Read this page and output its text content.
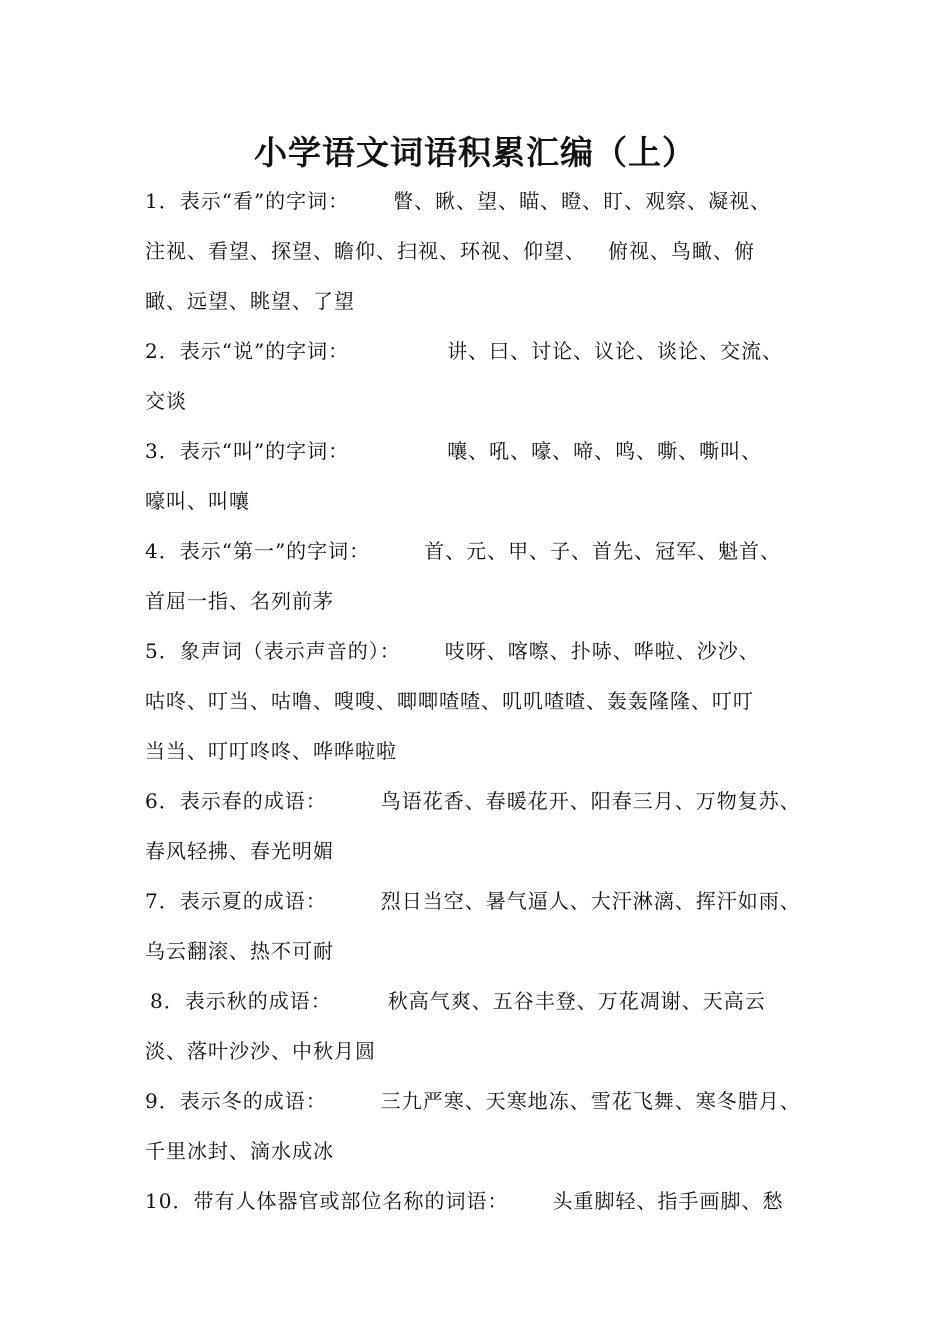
小学语文词语积累汇编（上）
1．表示“看”的字词： 瞥、瞅、望、瞄、瞪、盯、观察、凝视、
注视、看望、探望、瞻仰、扫视、环视、仰望、 俯视、鸟瞰、俯
瞰、远望、眺望、了望
2．表示“说”的字词：	讲、曰、讨论、议论、谈论、交流、
交谈
3．表示“叫”的字词：	嚷、吼、嚎、啼、鸣、嘶、嘶叫、
嚎叫、叫嚷
4．表示“第一”的字词：	首、元、甲、子、首先、冠军、魁首、
首屈一指、名列前茅
5．象声词（表示声音的）： 吱呀、喀嚓、扑哧、哗啦、沙沙、
咕咚、叮当、咕噜、嗖嗖、唧唧喳喳、叽叽喳喳、轰轰隆隆、叮叮
当当、叮叮咚咚、哗哗啦啦
6．表示春的成语：	鸟语花香、春暖花开、阳春三月、万物复苏、
春风轻拂、春光明媚
7．表示夏的成语：	烈日当空、暑气逼人、大汗淋漓、挥汗如雨、
乌云翻滚、热不可耐
8．表示秋的成语：	秋高气爽、五谷丰登、万花凋谢、天高云
淡、落叶沙沙、中秋月圆
9．表示冬的成语：	三九严寒、天寒地冻、雪花飞舞、寒冬腊月、
千里冰封、滴水成冰
10．带有人体器官或部位名称的词语： 头重脚轻、指手画脚、愁
